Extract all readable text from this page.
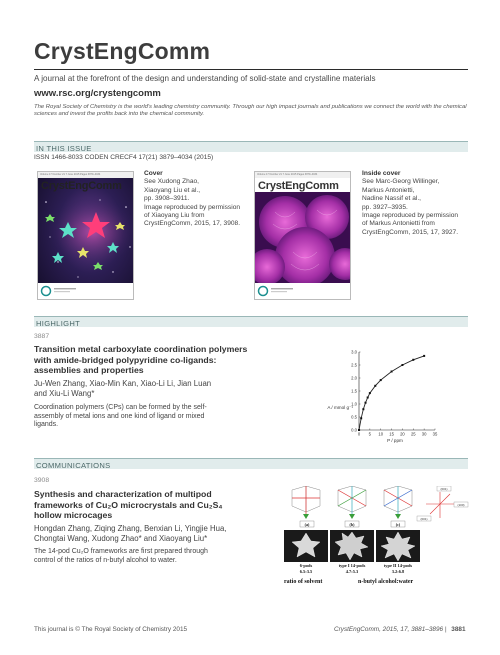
CrystEngComm
A journal at the forefront of the design and understanding of solid-state and crystalline materials
www.rsc.org/crystengcomm
The Royal Society of Chemistry is the world's leading chemistry community. Through our high impact journals and publications we connect the world with the chemical sciences and invest the profits back into the chemical community.
IN THIS ISSUE
ISSN 1466-8033 CODEN CRECF4 17(21) 3879–4034 (2015)
Volume 17 Number 21 7 June 2015 Pages 3879–4034
CrystEngComm
Cover
See Xudong Zhao,
Xiaoyang Liu et al.,
pp. 3908–3911.
Image reproduced by permission
of Xiaoyang Liu from
CrystEngComm, 2015, 17, 3908.
Volume 17 Number 21 7 June 2015 Pages 3879–4034
CrystEngComm
Inside cover
See Marc-Georg Willinger,
Markus Antonietti,
Nadine Nassif et al.,
pp. 3927–3935.
Image reproduced by permission
of Markus Antonietti from
CrystEngComm, 2015, 17, 3927.
HIGHLIGHT
3887
Transition metal carboxylate coordination polymers
with amide-bridged polypyridine co-ligands:
assemblies and properties
Ju-Wen Zhang, Xiao-Min Kan, Xiao-Li Li, Jian Luan
and Xiu-Li Wang*
Coordination polymers (CPs) can be formed by the self-
assembly of metal ions and one kind of ligand or mixed
ligands.
0.0
0.5
1.0
1.5
2.0
2.5
3.0
0 5 10 15 20 25 30 35
A / mmol g⁻¹
P / ppm
COMMUNICATIONS
3908
Synthesis and characterization of multipod
frameworks of Cu₂O microcrystals and Cu₂S₄
hollow microcages
Hongdan Zhang, Ziqing Zhang, Benxian Li, Yingjie Hua,
Chongtai Wang, Xudong Zhao* and Xiaoyang Liu*
The 14-pod Cu₂O frameworks are first prepared through
control of the ratios of n-butyl alcohol to water.
(001)
(100)
(001)
(a)	(b)	(c)
6-pods	type I 14-pods	type II 14-pods
6.5:3.5	4.7:5.3	3.2:6.8
ratio of solvent	n-butyl alcohol:water
This journal is © The Royal Society of Chemistry 2015	CrystEngComm, 2015, 17, 3881–3896 | 3881
